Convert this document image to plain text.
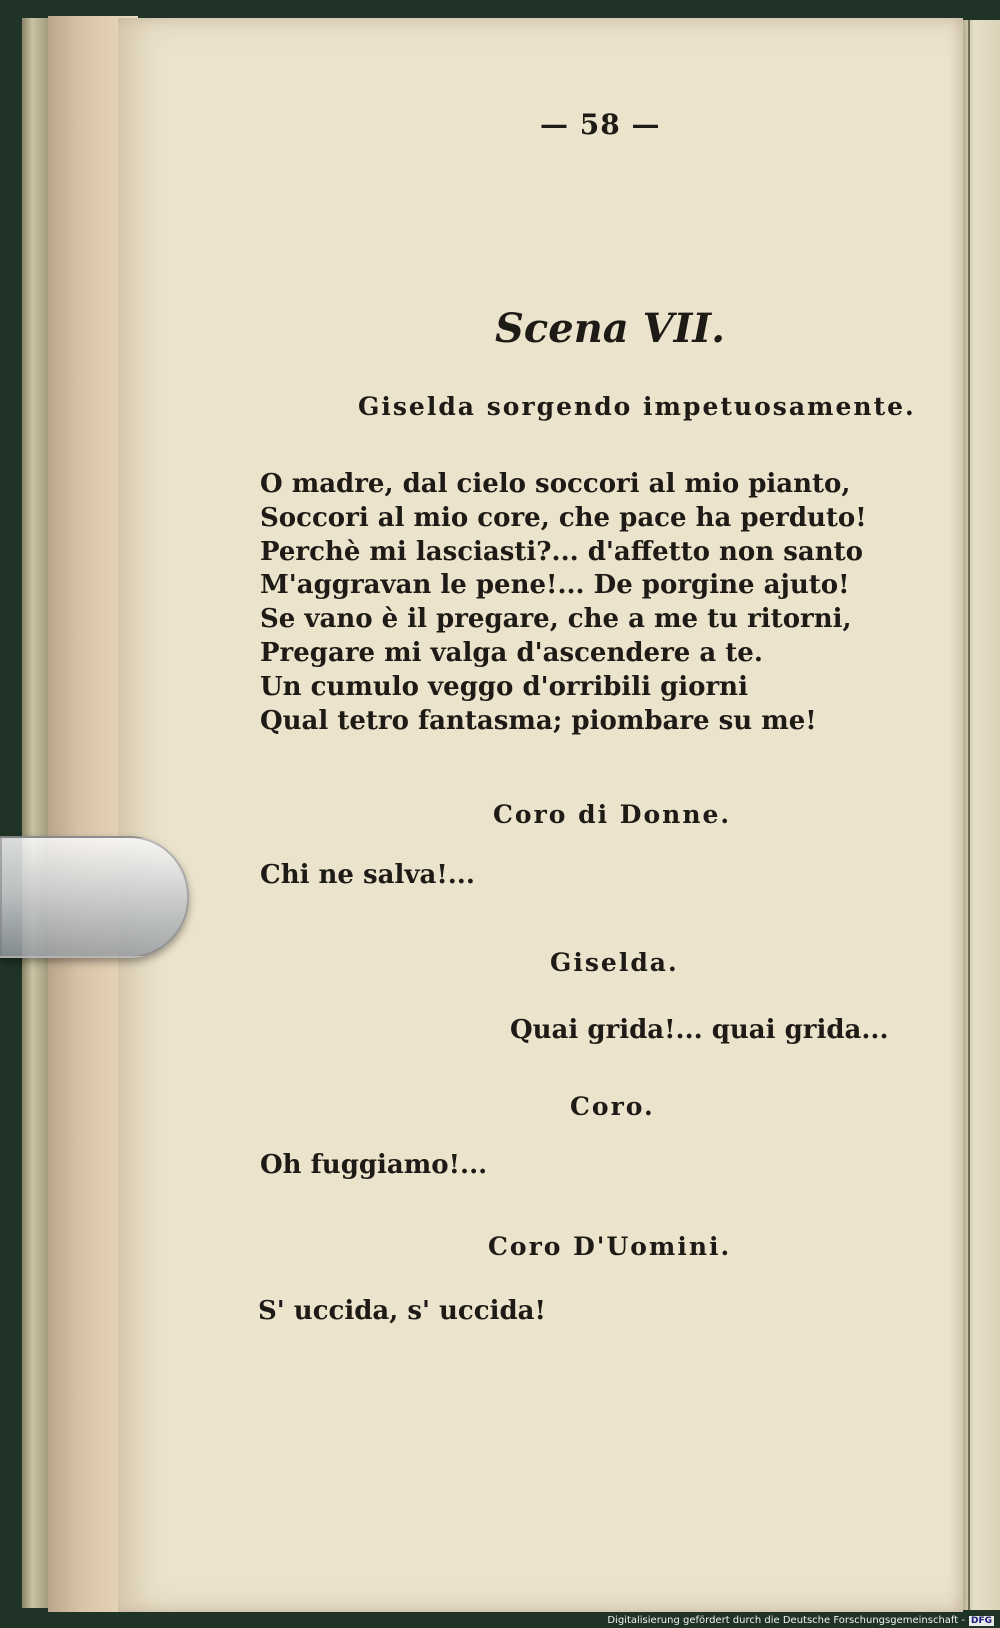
— 58 —
Scena VII.
Giselda sorgendo impetuosamente.
O madre, dal cielo soccori al mio pianto,
Soccori al mio core, che pace ha perduto!
Perchè mi lasciasti?... d'affetto non santo
M'aggravan le pene!... De porgine ajuto!
Se vano è il pregare, che a me tu ritorni,
Pregare mi valga d'ascendere a te.
Un cumulo veggo d'orribili giorni
Qual tetro fantasma; piombare su me!
Coro di Donne.
Chi ne salva!...
Giselda.
Quai grida!... quai grida...
Coro.
Oh fuggiamo!...
Coro D'Uomini.
S' uccida, s' uccida!
Digitalisierung gefördert durch die Deutsche Forschungsgemeinschaft - DFG
